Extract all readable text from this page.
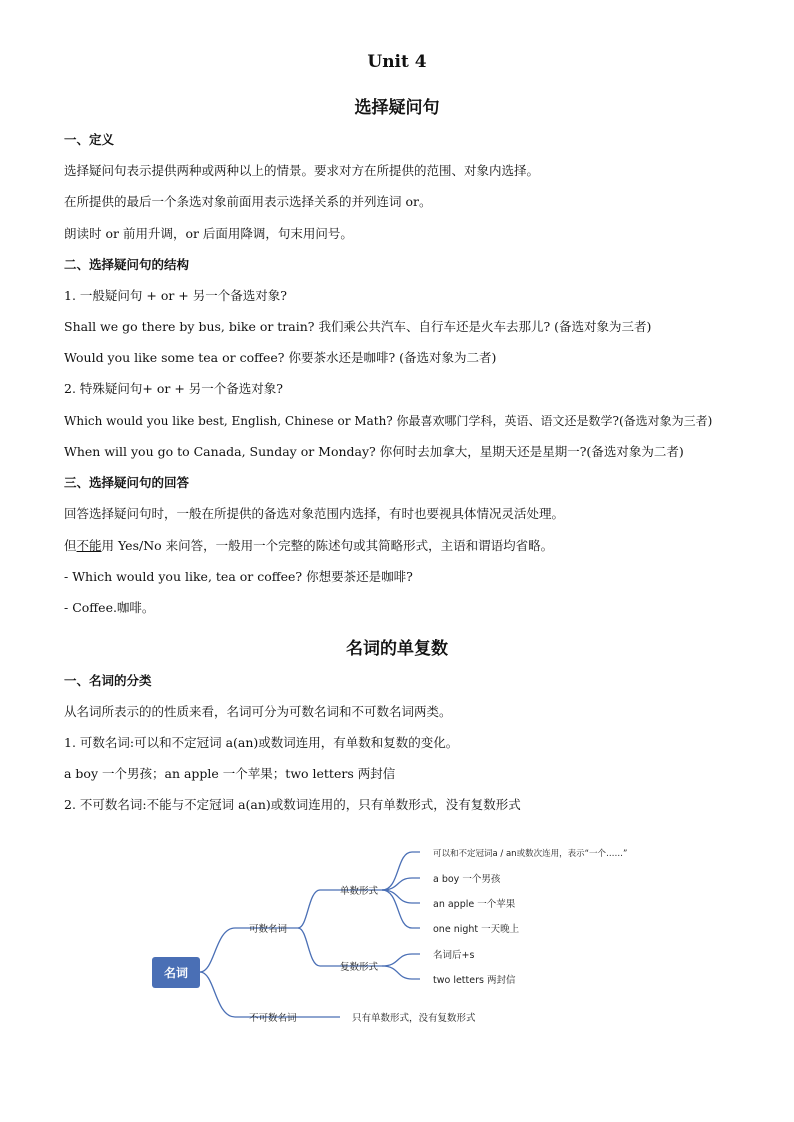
Unit 4
选择疑问句
一、定义
选择疑问句表示提供两种或两种以上的情景。要求对方在所提供的范围、对象内选择。
在所提供的最后一个条选对象前面用表示选择关系的并列连词 or。
朗读时 or 前用升调，or 后面用降调，句末用问号。
二、选择疑问句的结构
1. 一般疑问句 + or + 另一个备选对象?
Shall we go there by bus, bike or train? 我们乘公共汽车、自行车还是火车去那儿? (备选对象为三者)
Would you like some tea or coffee? 你要茶水还是咖啡? (备选对象为二者)
2. 特殊疑问句+ or + 另一个备选对象?
Which would you like best, English, Chinese or Math? 你最喜欢哪门学科，英语、语文还是数学?(备选对象为三者)
When will you go to Canada, Sunday or Monday? 你何时去加拿大，星期天还是星期一?(备选对象为二者)
三、选择疑问句的回答
回答选择疑问句时，一般在所提供的备选对象范围内选择，有时也要视具体情况灵活处理。
但不能用 Yes/No 来问答，一般用一个完整的陈述句或其简略形式，主语和谓语均省略。
- Which would you like, tea or coffee? 你想要茶还是咖啡?
- Coffee.咖啡。
名词的单复数
一、名词的分类
从名词所表示的的性质来看，名词可分为可数名词和不可数名词两类。
1. 可数名词:可以和不定冠词 a(an)或数词连用，有单数和复数的变化。
a boy 一个男孩；an apple 一个苹果；two letters 两封信
2. 不可数名词:不能与不定冠词 a(an)或数词连用的，只有单数形式，没有复数形式
名词
可数名词
不可数名词
单数形式
复数形式
可以和不定冠词a / an或数次连用，表示“一个……”
a boy 一个男孩
an apple 一个苹果
one night 一天晚上
名词后+s
two letters 两封信
只有单数形式，没有复数形式
